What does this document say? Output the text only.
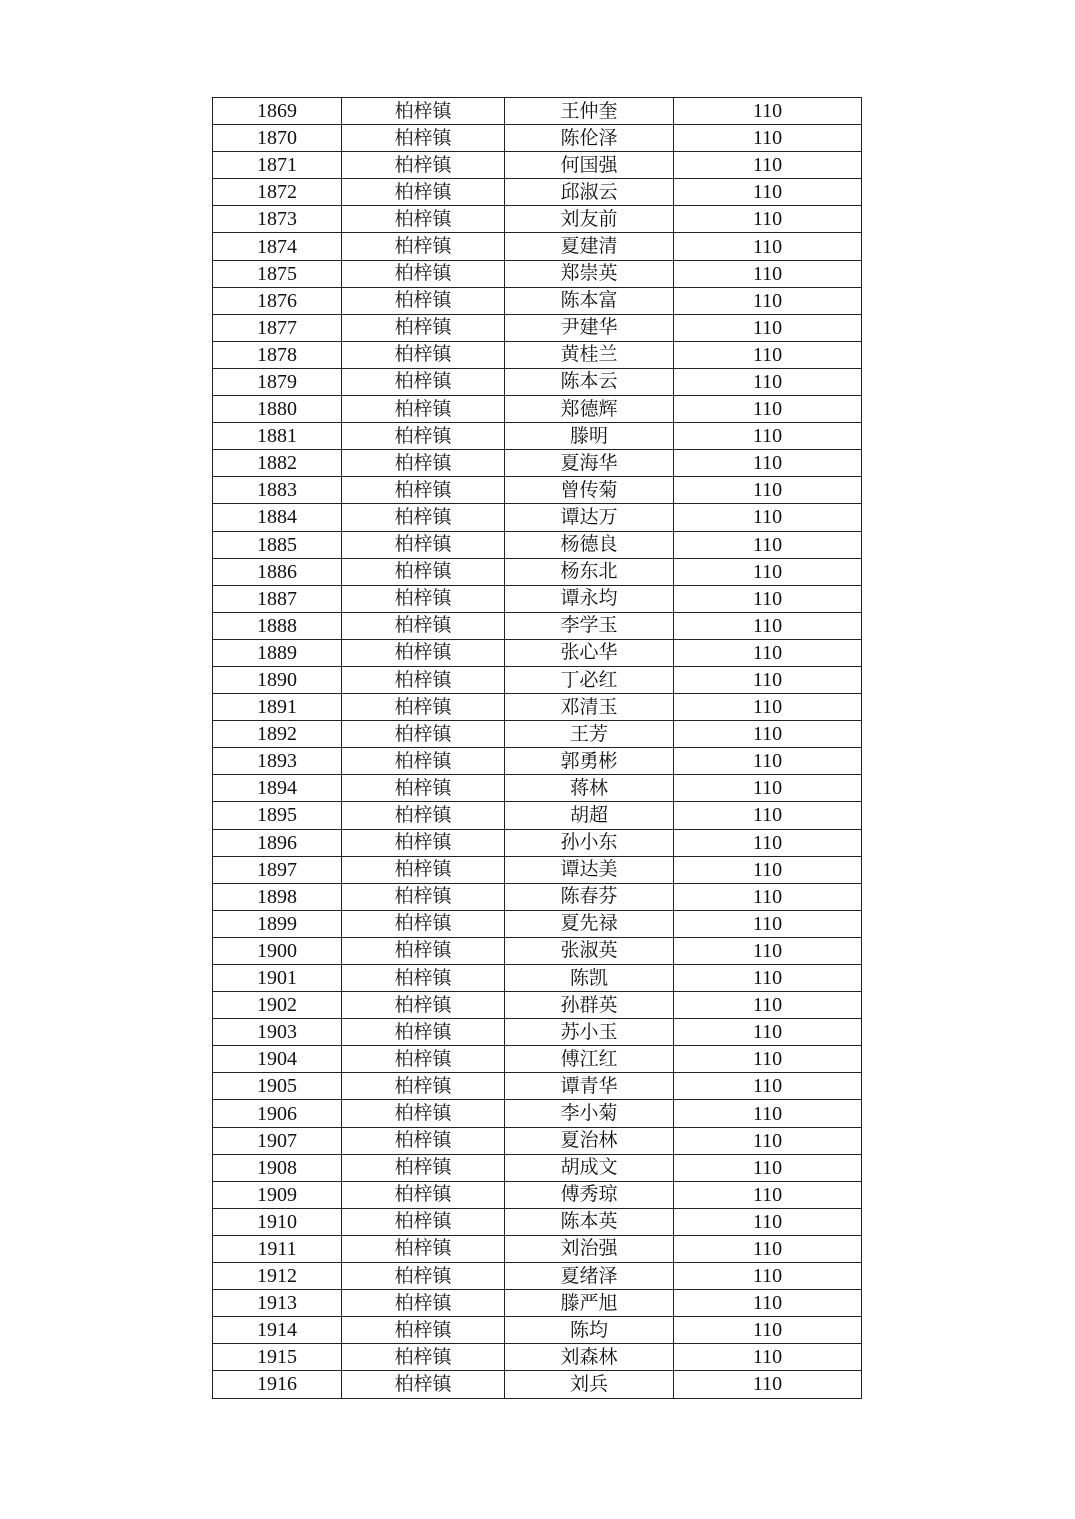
1869	柏梓镇	王仲奎	110
1870	柏梓镇	陈伦泽	110
1871	柏梓镇	何国强	110
1872	柏梓镇	邱淑云	110
1873	柏梓镇	刘友前	110
1874	柏梓镇	夏建清	110
1875	柏梓镇	郑崇英	110
1876	柏梓镇	陈本富	110
1877	柏梓镇	尹建华	110
1878	柏梓镇	黄桂兰	110
1879	柏梓镇	陈本云	110
1880	柏梓镇	郑德辉	110
1881	柏梓镇	滕明	110
1882	柏梓镇	夏海华	110
1883	柏梓镇	曾传菊	110
1884	柏梓镇	谭达万	110
1885	柏梓镇	杨德良	110
1886	柏梓镇	杨东北	110
1887	柏梓镇	谭永均	110
1888	柏梓镇	李学玉	110
1889	柏梓镇	张心华	110
1890	柏梓镇	丁必红	110
1891	柏梓镇	邓清玉	110
1892	柏梓镇	王芳	110
1893	柏梓镇	郭勇彬	110
1894	柏梓镇	蒋林	110
1895	柏梓镇	胡超	110
1896	柏梓镇	孙小东	110
1897	柏梓镇	谭达美	110
1898	柏梓镇	陈春芬	110
1899	柏梓镇	夏先禄	110
1900	柏梓镇	张淑英	110
1901	柏梓镇	陈凯	110
1902	柏梓镇	孙群英	110
1903	柏梓镇	苏小玉	110
1904	柏梓镇	傅江红	110
1905	柏梓镇	谭青华	110
1906	柏梓镇	李小菊	110
1907	柏梓镇	夏治林	110
1908	柏梓镇	胡成文	110
1909	柏梓镇	傅秀琼	110
1910	柏梓镇	陈本英	110
1911	柏梓镇	刘治强	110
1912	柏梓镇	夏绪泽	110
1913	柏梓镇	滕严旭	110
1914	柏梓镇	陈均	110
1915	柏梓镇	刘森林	110
1916	柏梓镇	刘兵	110
